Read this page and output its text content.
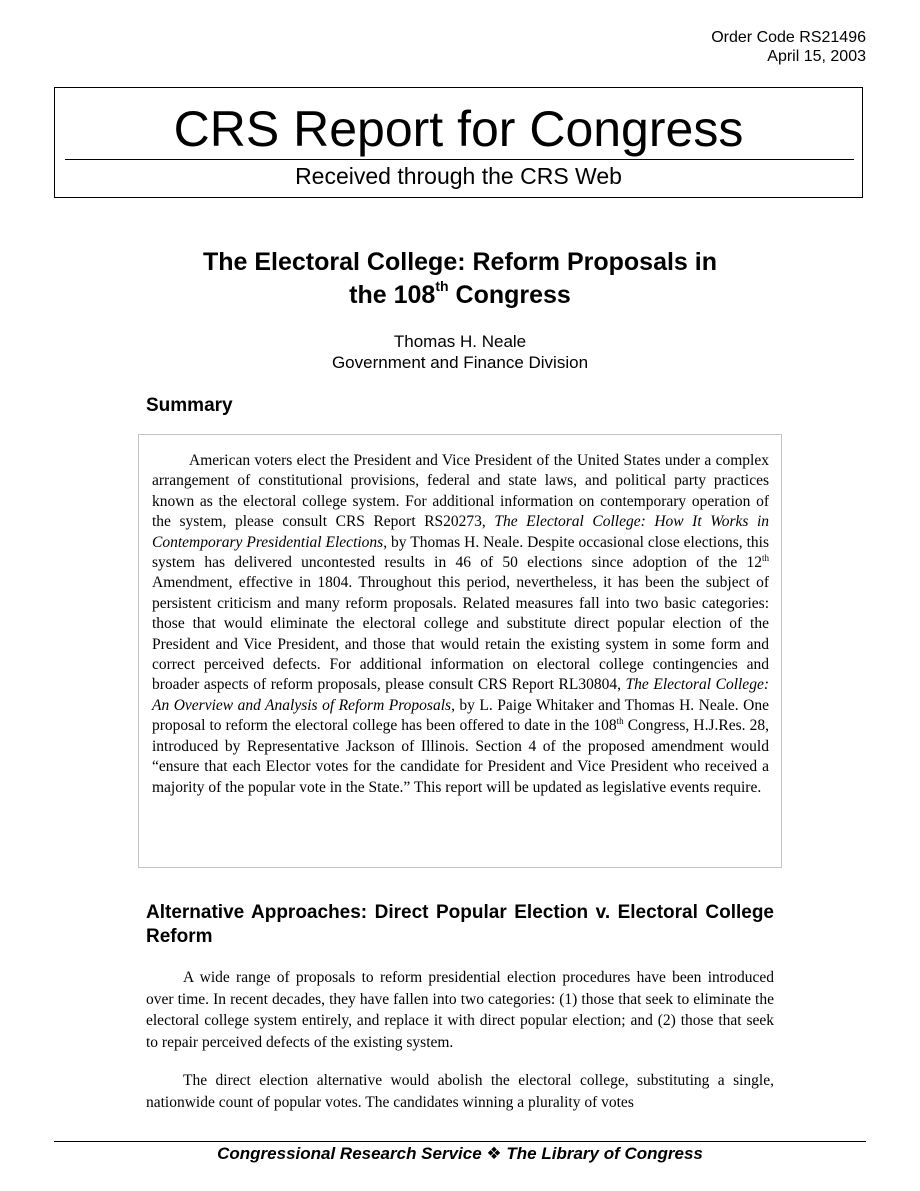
Order Code RS21496
April 15, 2003
CRS Report for Congress
Received through the CRS Web
The Electoral College: Reform Proposals in
the 108th Congress
Thomas H. Neale
Government and Finance Division
Summary
American voters elect the President and Vice President of the United States under a complex arrangement of constitutional provisions, federal and state laws, and political party practices known as the electoral college system. For additional information on contemporary operation of the system, please consult CRS Report RS20273, The Electoral College: How It Works in Contemporary Presidential Elections, by Thomas H. Neale. Despite occasional close elections, this system has delivered uncontested results in 46 of 50 elections since adoption of the 12th Amendment, effective in 1804. Throughout this period, nevertheless, it has been the subject of persistent criticism and many reform proposals. Related measures fall into two basic categories: those that would eliminate the electoral college and substitute direct popular election of the President and Vice President, and those that would retain the existing system in some form and correct perceived defects. For additional information on electoral college contingencies and broader aspects of reform proposals, please consult CRS Report RL30804, The Electoral College: An Overview and Analysis of Reform Proposals, by L. Paige Whitaker and Thomas H. Neale. One proposal to reform the electoral college has been offered to date in the 108th Congress, H.J.Res. 28, introduced by Representative Jackson of Illinois. Section 4 of the proposed amendment would “ensure that each Elector votes for the candidate for President and Vice President who received a majority of the popular vote in the State.” This report will be updated as legislative events require.
Alternative Approaches: Direct Popular Election v. Electoral College Reform

A wide range of proposals to reform presidential election procedures have been introduced over time. In recent decades, they have fallen into two categories: (1) those that seek to eliminate the electoral college system entirely, and replace it with direct popular election; and (2) those that seek to repair perceived defects of the existing system.

The direct election alternative would abolish the electoral college, substituting a single, nationwide count of popular votes. The candidates winning a plurality of votes

Congressional Research Service ❖ The Library of Congress
